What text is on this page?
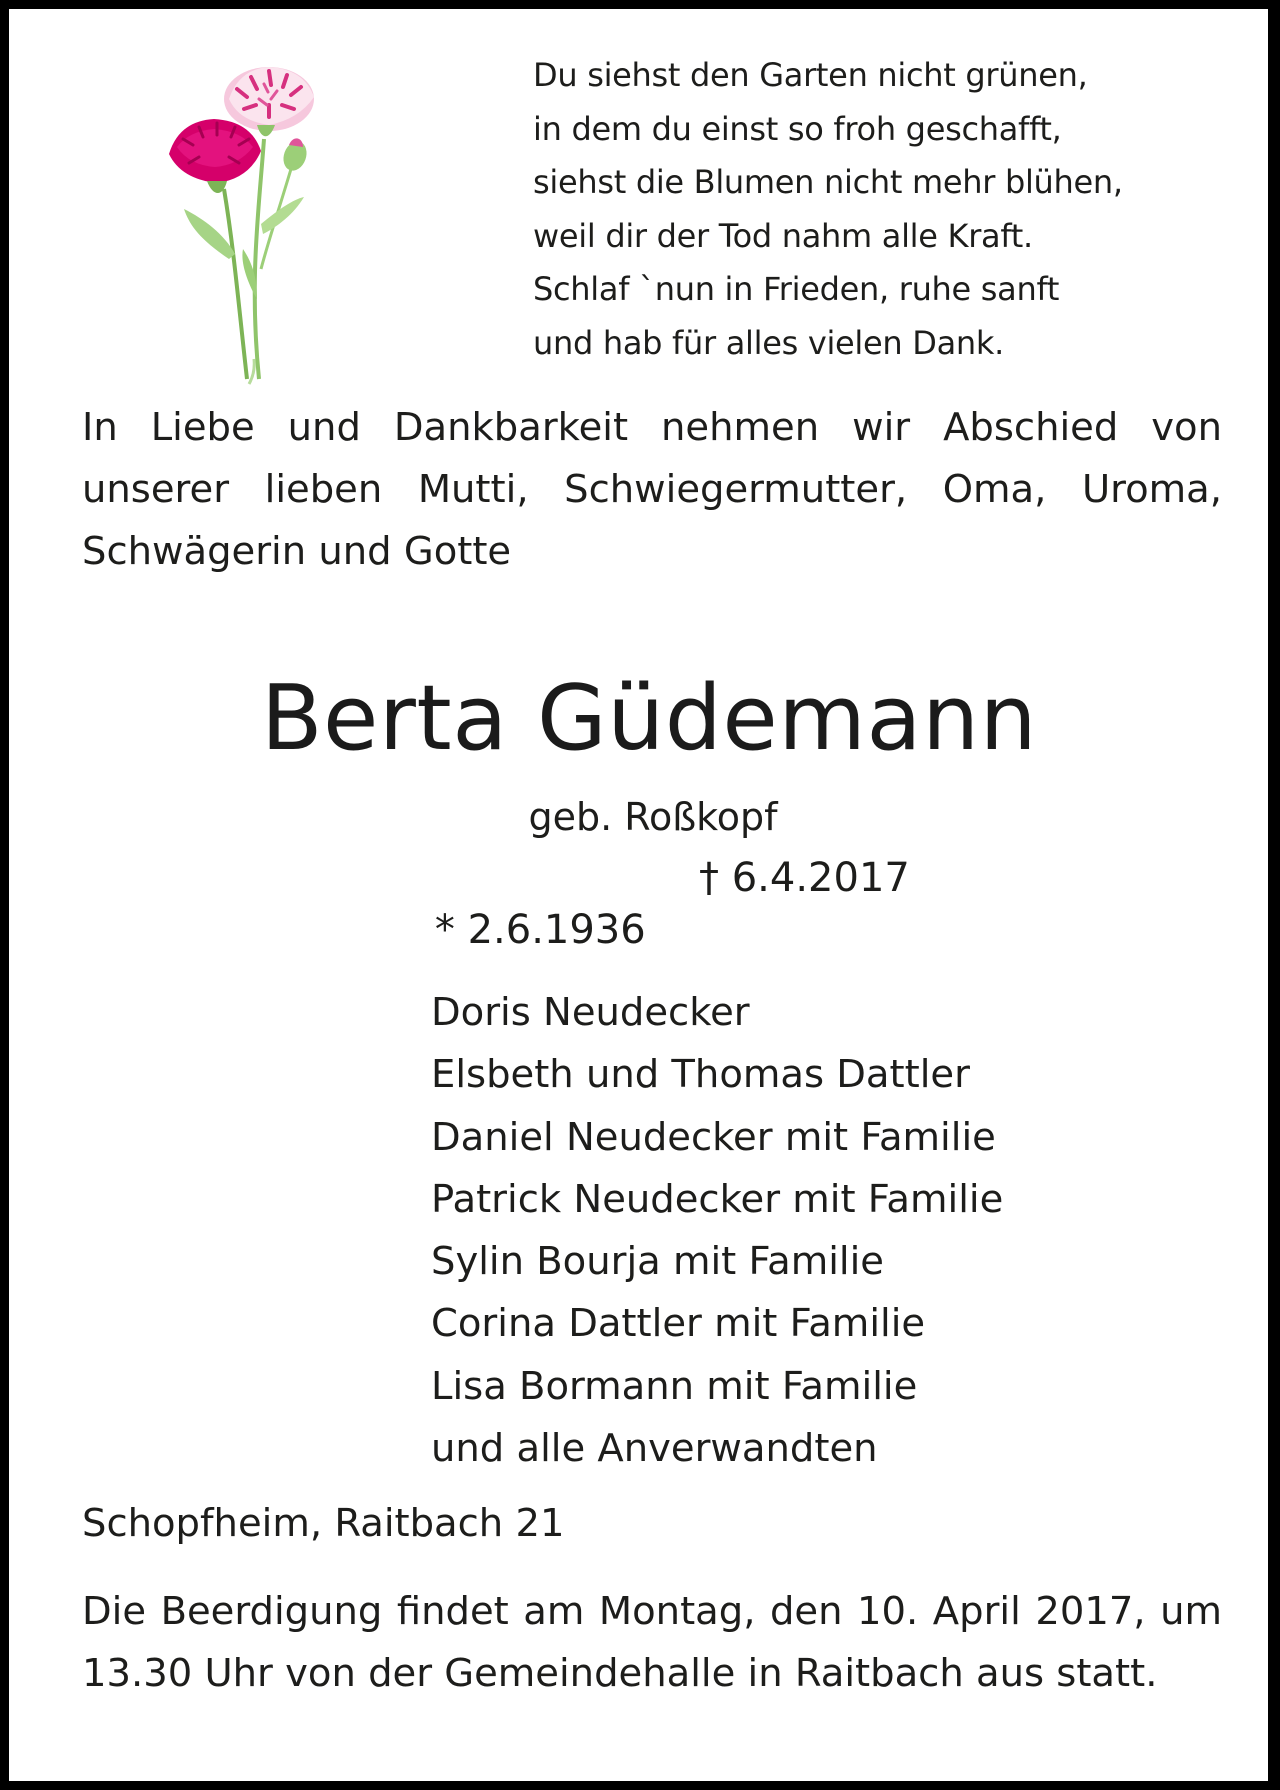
Du siehst den Garten nicht grünen,
in dem du einst so froh geschafft,
siehst die Blumen nicht mehr blühen,
weil dir der Tod nahm alle Kraft.
Schlaf `nun in Frieden, ruhe sanft
und hab für alles vielen Dank.
In Liebe und Dankbarkeit nehmen wir Abschied von unserer lieben Mutti, Schwiegermutter, Oma, Uroma, Schwägerin und Gotte
Berta Güdemann
geb. Roßkopf

* 2.6.1936

† 6.4.2017

Doris Neudecker
Elsbeth und Thomas Dattler
Daniel Neudecker mit Familie
Patrick Neudecker mit Familie
Sylin Bourja mit Familie
Corina Dattler mit Familie
Lisa Bormann mit Familie
und alle Anverwandten
Schopfheim, Raitbach 21
Die Beerdigung findet am Montag, den 10. April 2017, um 13.30 Uhr von der Gemeindehalle in Raitbach aus statt.
